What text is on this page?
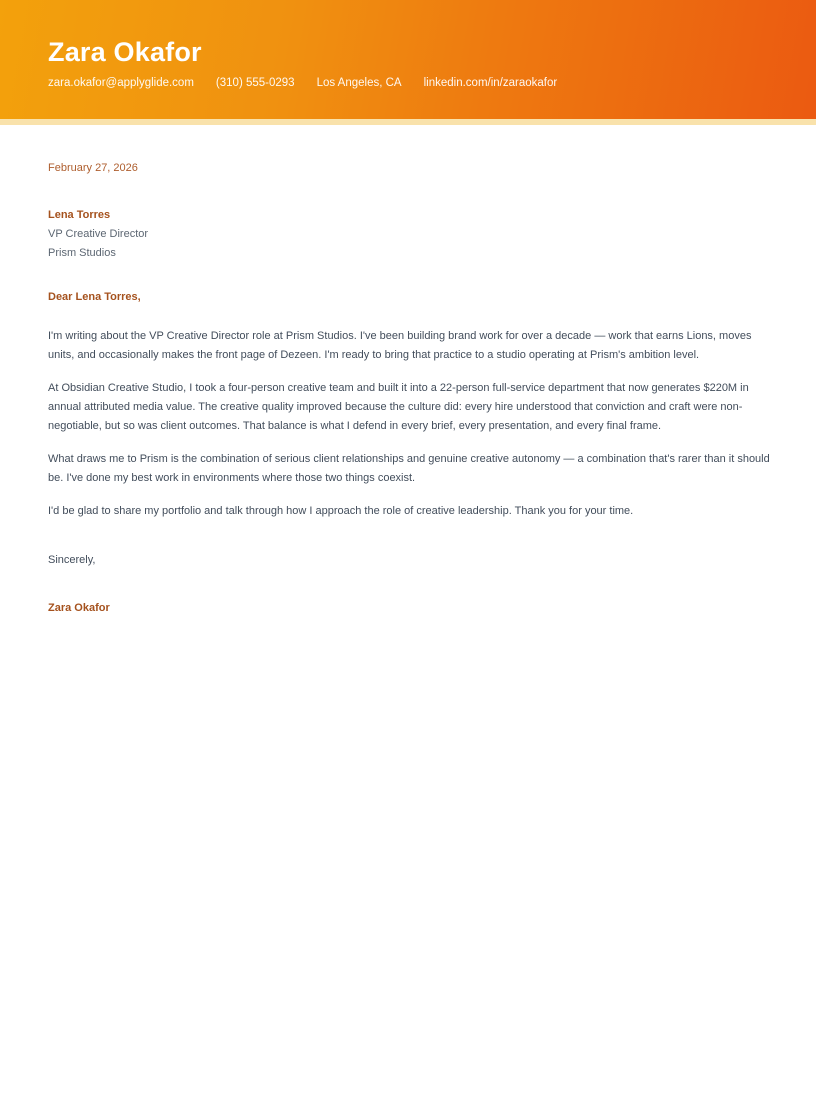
Zara Okafor
zara.okafor@applyglide.com (310) 555-0293 Los Angeles, CA linkedin.com/in/zaraokafor
February 27, 2026
Lena Torres
VP Creative Director
Prism Studios
Dear Lena Torres,

I'm writing about the VP Creative Director role at Prism Studios. I've been building brand work for over a decade — work that earns Lions, moves units, and occasionally makes the front page of Dezeen. I'm ready to bring that practice to a studio operating at Prism's ambition level.

At Obsidian Creative Studio, I took a four-person creative team and built it into a 22-person full-service department that now generates $220M in annual attributed media value. The creative quality improved because the culture did: every hire understood that conviction and craft were non-negotiable, but so was client outcomes. That balance is what I defend in every brief, every presentation, and every final frame.

What draws me to Prism is the combination of serious client relationships and genuine creative autonomy — a combination that's rarer than it should be. I've done my best work in environments where those two things coexist.

I'd be glad to share my portfolio and talk through how I approach the role of creative leadership. Thank you for your time.

Sincerely,
Zara Okafor
